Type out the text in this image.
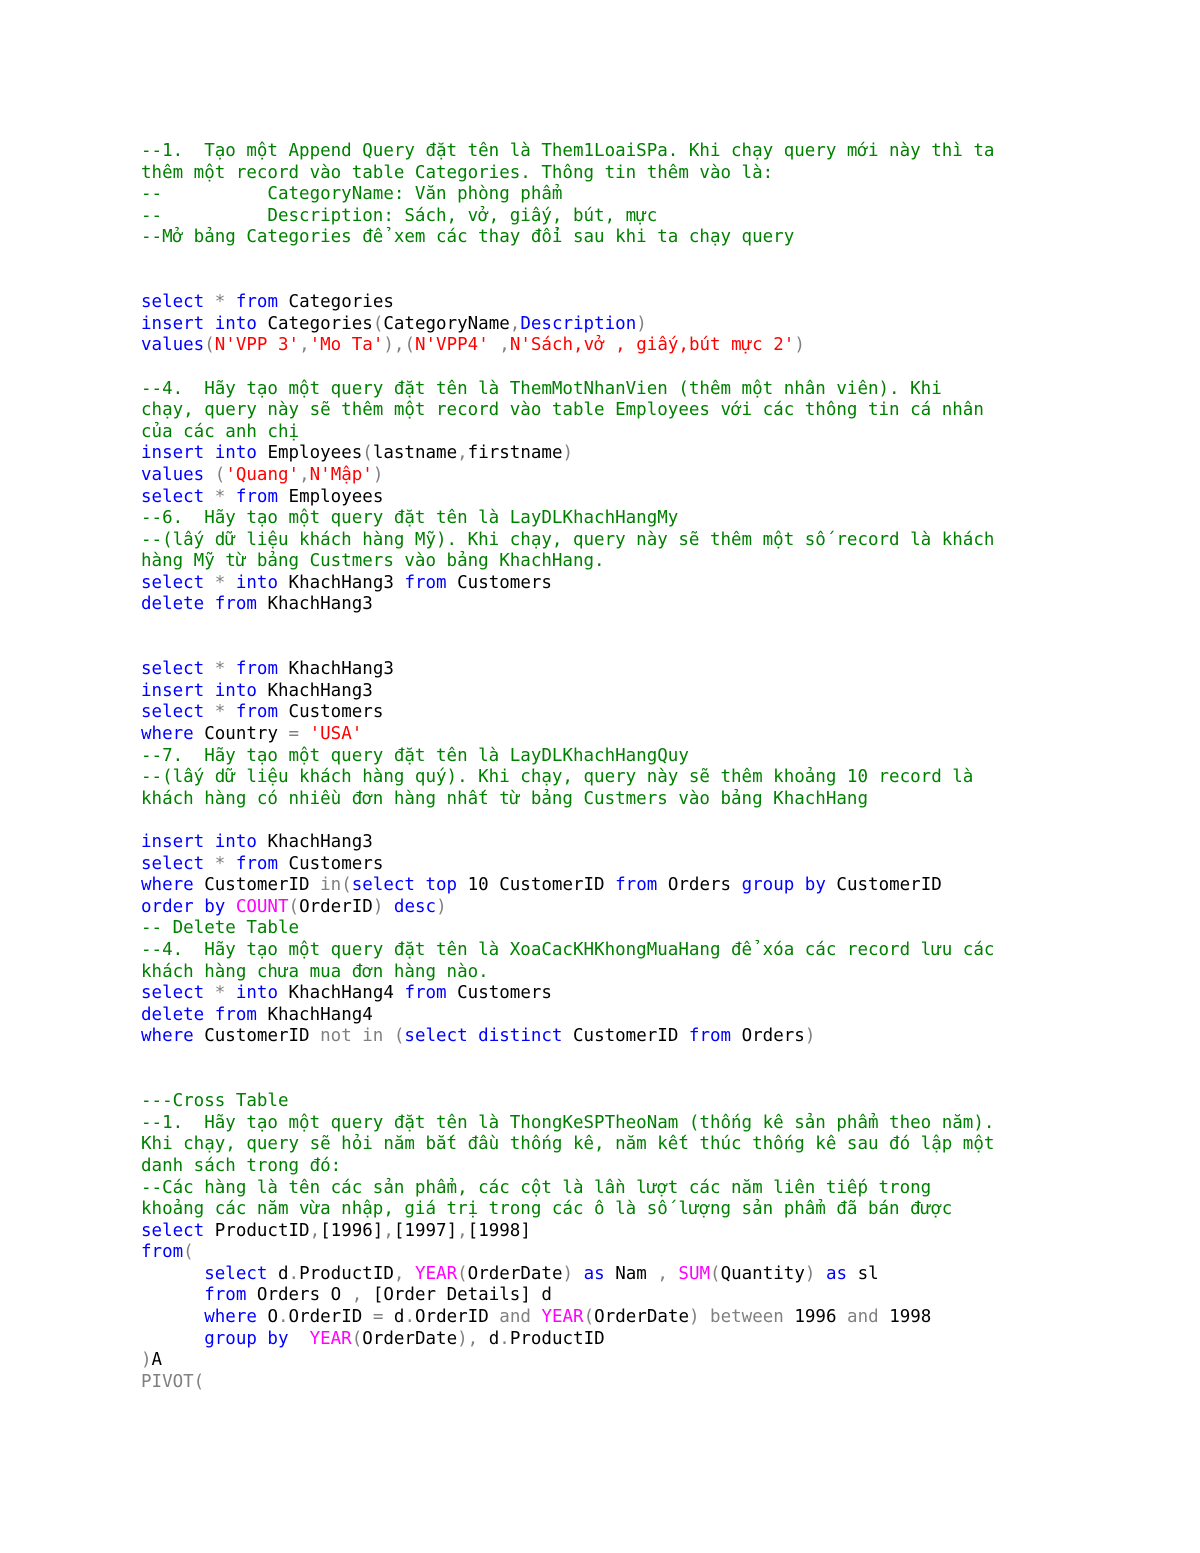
--1.  Tạo một Append Query đặt tên là Them1LoaiSPa. Khi chạy query mới này thì ta
thêm một record vào table Categories. Thông tin thêm vào là:
--          CategoryName: Văn phòng phẩm
--          Description: Sách, vở, giấy, bút, mực
--Mở bảng Categories để xem các thay đổi sau khi ta chạy query

select * from Categories
insert into Categories(CategoryName,Description)
values(N'VPP 3','Mo Ta'),(N'VPP4' ,N'Sách,vở , giấy,bút mực 2')

--4.  Hãy tạo một query đặt tên là ThemMotNhanVien (thêm một nhân viên). Khi
chạy, query này sẽ thêm một record vào table Employees với các thông tin cá nhân
của các anh chị
insert into Employees(lastname,firstname)
values ('Quang',N'Mập')
select * from Employees
--6.  Hãy tạo một query đặt tên là LayDLKhachHangMy
--(lấy dữ liệu khách hàng Mỹ). Khi chạy, query này sẽ thêm một số record là khách
hàng Mỹ từ bảng Custmers vào bảng KhachHang.
select * into KhachHang3 from Customers
delete from KhachHang3

select * from KhachHang3
insert into KhachHang3
select * from Customers
where Country = 'USA'
--7.  Hãy tạo một query đặt tên là LayDLKhachHangQuy
--(lấy dữ liệu khách hàng quý). Khi chạy, query này sẽ thêm khoảng 10 record là
khách hàng có nhiều đơn hàng nhất từ bảng Custmers vào bảng KhachHang

insert into KhachHang3
select * from Customers
where CustomerID in(select top 10 CustomerID from Orders group by CustomerID
order by COUNT(OrderID) desc)
-- Delete Table
--4.  Hãy tạo một query đặt tên là XoaCacKHKhongMuaHang để xóa các record lưu các
khách hàng chưa mua đơn hàng nào.
select * into KhachHang4 from Customers
delete from KhachHang4
where CustomerID not in (select distinct CustomerID from Orders)

---Cross Table
--1.  Hãy tạo một query đặt tên là ThongKeSPTheoNam (thống kê sản phẩm theo năm).
Khi chạy, query sẽ hỏi năm bắt đầu thống kê, năm kết thúc thống kê sau đó lập một
danh sách trong đó:
--Các hàng là tên các sản phẩm, các cột là lần lượt các năm liên tiếp trong
khoảng các năm vừa nhập, giá trị trong các ô là số lượng sản phẩm đã bán được
select ProductID,[1996],[1997],[1998]
from(
select d.ProductID, YEAR(OrderDate) as Nam , SUM(Quantity) as sl
from Orders O , [Order Details] d
where O.OrderID = d.OrderID and YEAR(OrderDate) between 1996 and 1998
group by  YEAR(OrderDate), d.ProductID
)A
PIVOT(
